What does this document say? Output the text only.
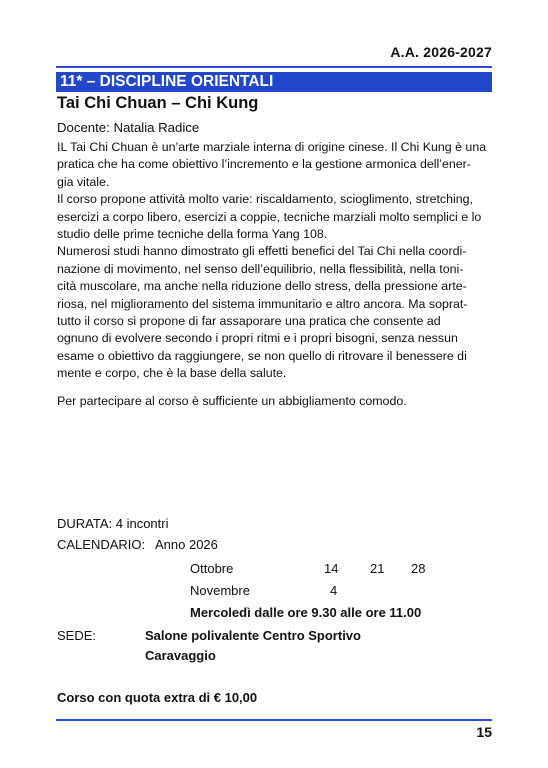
A.A. 2026-2027
11* – DISCIPLINE ORIENTALI
Tai Chi Chuan – Chi Kung
Docente: Natalia Radice

IL Tai Chi Chuan è un’arte marziale interna di origine cinese. Il Chi Kung è una

pratica che ha come obiettivo l’incremento e la gestione armonica dell’ener-

gia vitale.

Il corso propone attività molto varie: riscaldamento, scioglimento, stretching,

esercizi a corpo libero, esercizi a coppie, tecniche marziali molto semplici e lo

studio delle prime tecniche della forma Yang 108.

Numerosi studi hanno dimostrato gli effetti benefici del Tai Chi nella coordi-

nazione di movimento, nel senso dell’equilibrio, nella flessibilità, nella toni-

cità muscolare, ma anche nella riduzione dello stress, della pressione arte-

riosa, nel miglioramento del sistema immunitario e altro ancora. Ma soprat-

tutto il corso si propone di far assaporare una pratica che consente ad

ognuno di evolvere secondo i propri ritmi e i propri bisogni, senza nessun

esame o obiettivo da raggiungere, se non quello di ritrovare il benessere di

mente e corpo, che è la base della salute.

Per partecipare al corso è sufficiente un abbigliamento comodo.
DURATA: 4 incontri
CALENDARIO: Anno 2026
Ottobre	14 21 28
Novembre	4
Mercoledì dalle ore 9.30 alle ore 11.00
SEDE:	Salone polivalente Centro Sportivo
Caravaggio
Corso con quota extra di € 10,00
15
